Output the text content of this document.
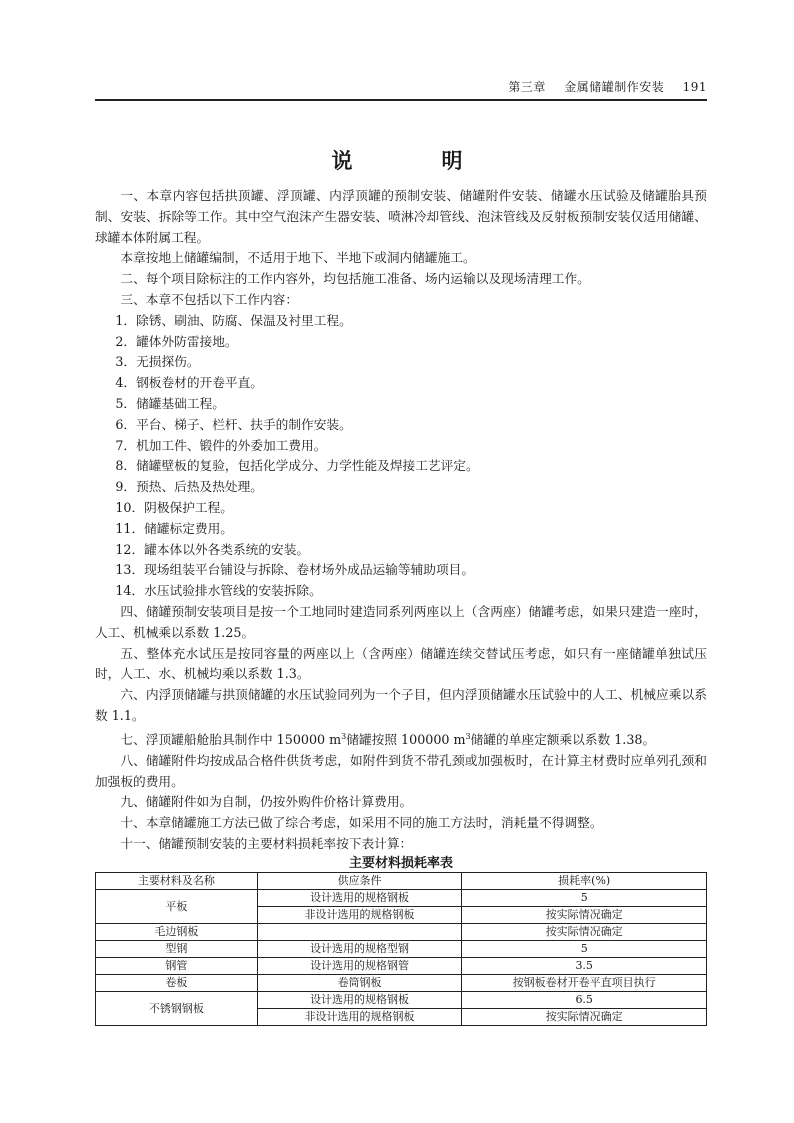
第三章 金属储罐制作安装 191
说　明

一、本章内容包括拱顶罐、浮顶罐、内浮顶罐的预制安装、储罐附件安装、储罐水压试验及储罐胎具预制、安装、拆除等工作。其中空气泡沫产生器安装、喷淋冷却管线、泡沫管线及反射板预制安装仅适用储罐、球罐本体附属工程。

本章按地上储罐编制，不适用于地下、半地下或洞内储罐施工。

二、每个项目除标注的工作内容外，均包括施工准备、场内运输以及现场清理工作。

三、本章不包括以下工作内容：

1．除锈、刷油、防腐、保温及衬里工程。

2．罐体外防雷接地。

3．无损探伤。

4．钢板卷材的开卷平直。

5．储罐基础工程。

6．平台、梯子、栏杆、扶手的制作安装。

7．机加工件、锻件的外委加工费用。

8．储罐壁板的复验，包括化学成分、力学性能及焊接工艺评定。

9．预热、后热及热处理。

10．阴极保护工程。

11．储罐标定费用。

12．罐本体以外各类系统的安装。

13．现场组装平台铺设与拆除、卷材场外成品运输等辅助项目。

14．水压试验排水管线的安装拆除。

四、储罐预制安装项目是按一个工地同时建造同系列两座以上（含两座）储罐考虑，如果只建造一座时，人工、机械乘以系数 1.25。

五、整体充水试压是按同容量的两座以上（含两座）储罐连续交替试压考虑，如只有一座储罐单独试压时，人工、水、机械均乘以系数 1.3。

六、内浮顶储罐与拱顶储罐的水压试验同列为一个子目，但内浮顶储罐水压试验中的人工、机械应乘以系数 1.1。

七、浮顶罐船舱胎具制作中 150000 $m^3$储罐按照 100000 $m^3$储罐的单座定额乘以系数 1.38。

八、储罐附件均按成品合格件供货考虑，如附件到货不带孔颈或加强板时，在计算主材费时应单列孔颈和加强板的费用。

九、储罐附件如为自制，仍按外购件价格计算费用。

十、本章储罐施工方法已做了综合考虑，如采用不同的施工方法时，消耗量不得调整。

十一、储罐预制安装的主要材料损耗率按下表计算：

主要材料损耗率表
主要材料及名称	供应条件	损耗率(%)
平板	设计选用的规格钢板	5
	非设计选用的规格钢板	按实际情况确定
毛边钢板		按实际情况确定
型钢	设计选用的规格型钢	5
钢管	设计选用的规格钢管	3.5
卷板	卷筒钢板	按钢板卷材开卷平直项目执行
不锈钢钢板	设计选用的规格钢板	6.5
	非设计选用的规格钢板	按实际情况确定
